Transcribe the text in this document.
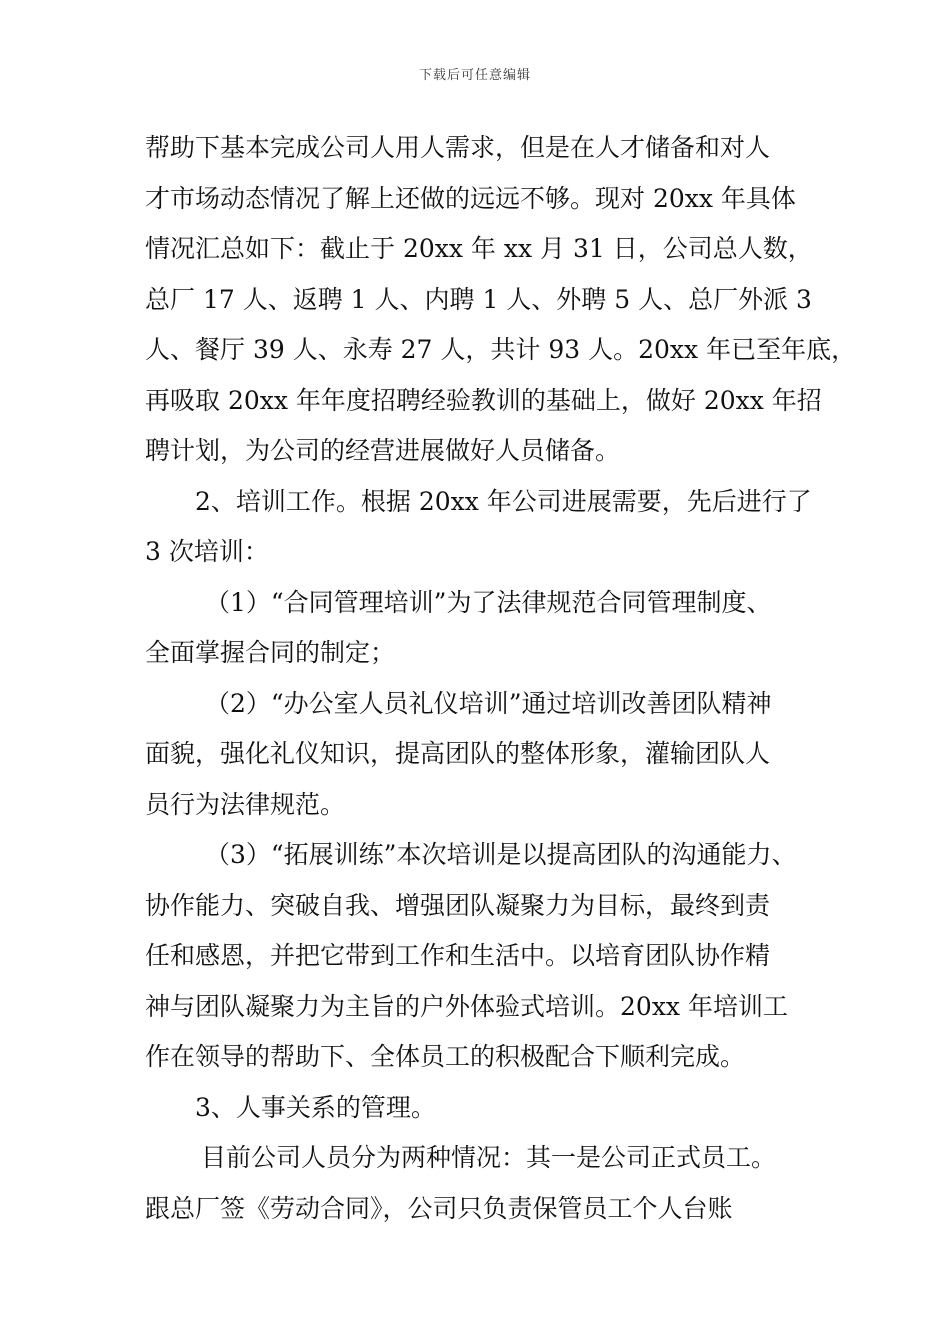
下载后可任意编辑
帮助下基本完成公司人用人需求，但是在人才储备和对人
才市场动态情况了解上还做的远远不够。现对 20xx 年具体
情况汇总如下：截止于 20xx 年 xx 月 31 日，公司总人数，
总厂 17 人、返聘 1 人、内聘 1 人、外聘 5 人、总厂外派 3
人、餐厅 39 人、永寿 27 人，共计 93 人。20xx 年已至年底，
再吸取 20xx 年年度招聘经验教训的基础上，做好 20xx 年招
聘计划，为公司的经营进展做好人员储备。
2、培训工作。根据 20xx 年公司进展需要，先后进行了
3 次培训：
（1）“合同管理培训”为了法律规范合同管理制度、
全面掌握合同的制定；
（2）“办公室人员礼仪培训”通过培训改善团队精神
面貌，强化礼仪知识，提高团队的整体形象，灌输团队人
员行为法律规范。
（3）“拓展训练”本次培训是以提高团队的沟通能力、
协作能力、突破自我、增强团队凝聚力为目标，最终到责
任和感恩，并把它带到工作和生活中。以培育团队协作精
神与团队凝聚力为主旨的户外体验式培训。20xx 年培训工
作在领导的帮助下、全体员工的积极配合下顺利完成。
3、人事关系的管理。
目前公司人员分为两种情况：其一是公司正式员工。
跟总厂签《劳动合同》，公司只负责保管员工个人台账
